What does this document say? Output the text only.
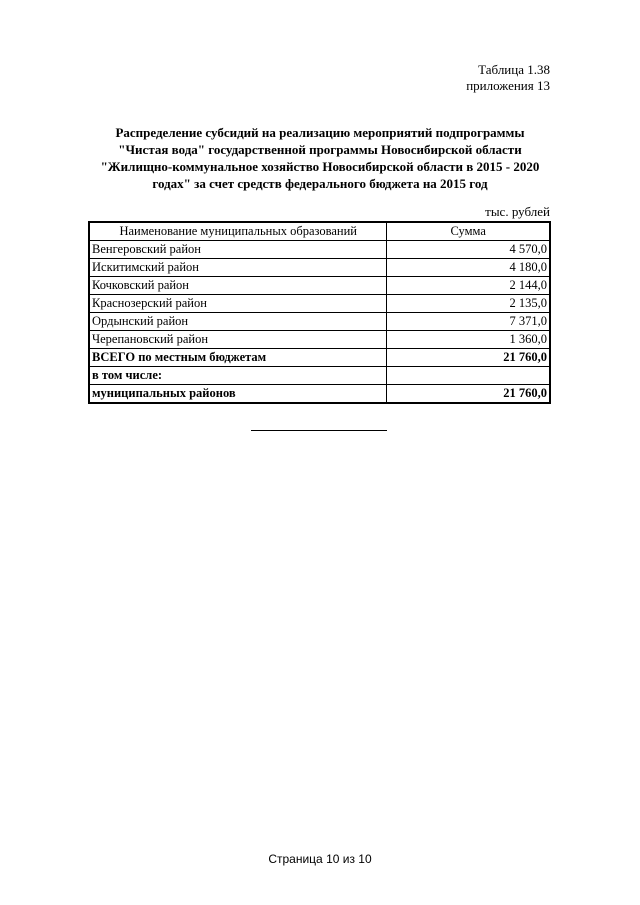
Таблица 1.38
приложения 13
Распределение субсидий на реализацию мероприятий подпрограммы
"Чистая вода" государственной программы Новосибирской области
"Жилищно-коммунальное хозяйство Новосибирской области в 2015 - 2020
годах" за счет средств федерального бюджета на 2015 год
тыс. рублей
Наименование муниципальных образований	Сумма
Венгеровский район	4 570,0
Искитимский район	4 180,0
Кочковский район	2 144,0
Краснозерский район	2 135,0
Ордынский район	7 371,0
Черепановский район	1 360,0
ВСЕГО по местным бюджетам	21 760,0
в том числе:	
муниципальных районов	21 760,0
Страница 10 из 10
